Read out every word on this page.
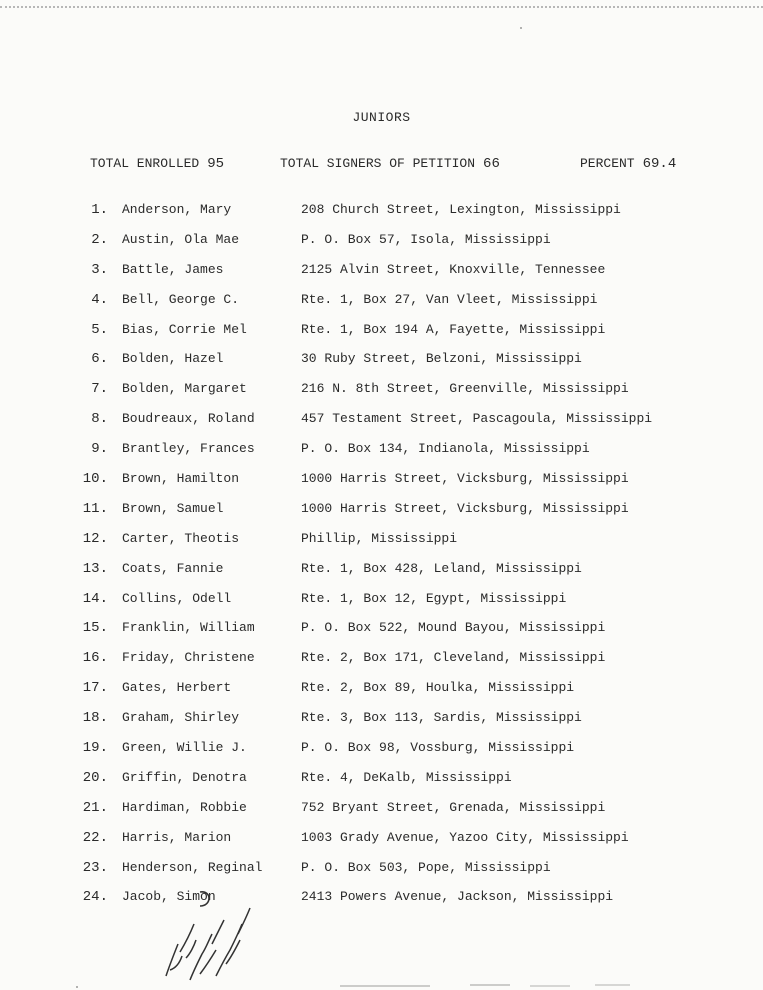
JUNIORS
TOTAL ENROLLED 95	TOTAL SIGNERS OF PETITION 66	PERCENT 69.4
1. Anderson, Mary	208 Church Street, Lexington, Mississippi
2. Austin, Ola Mae	P. O. Box 57, Isola, Mississippi
3. Battle, James	2125 Alvin Street, Knoxville, Tennessee
4. Bell, George C.	Rte. 1, Box 27, Van Vleet, Mississippi
5. Bias, Corrie Mel	Rte. 1, Box 194 A, Fayette, Mississippi
6. Bolden, Hazel	30 Ruby Street, Belzoni, Mississippi
7. Bolden, Margaret	216 N. 8th Street, Greenville, Mississippi
8. Boudreaux, Roland	457 Testament Street, Pascagoula, Mississippi
9. Brantley, Frances	P. O. Box 134, Indianola, Mississippi
10. Brown, Hamilton	1000 Harris Street, Vicksburg, Mississippi
11. Brown, Samuel	1000 Harris Street, Vicksburg, Mississippi
12. Carter, Theotis	Phillip, Mississippi
13. Coats, Fannie	Rte. 1, Box 428, Leland, Mississippi
14. Collins, Odell	Rte. 1, Box 12, Egypt, Mississippi
15. Franklin, William	P. O. Box 522, Mound Bayou, Mississippi
16. Friday, Christene	Rte. 2, Box 171, Cleveland, Mississippi
17. Gates, Herbert	Rte. 2, Box 89, Houlka, Mississippi
18. Graham, Shirley	Rte. 3, Box 113, Sardis, Mississippi
19. Green, Willie J.	P. O. Box 98, Vossburg, Mississippi
20. Griffin, Denotra	Rte. 4, DeKalb, Mississippi
21. Hardiman, Robbie	752 Bryant Street, Grenada, Mississippi
22. Harris, Marion	1003 Grady Avenue, Yazoo City, Mississippi
23. Henderson, Reginal	P. O. Box 503, Pope, Mississippi
24. Jacob, Simon	2413 Powers Avenue, Jackson, Mississippi
